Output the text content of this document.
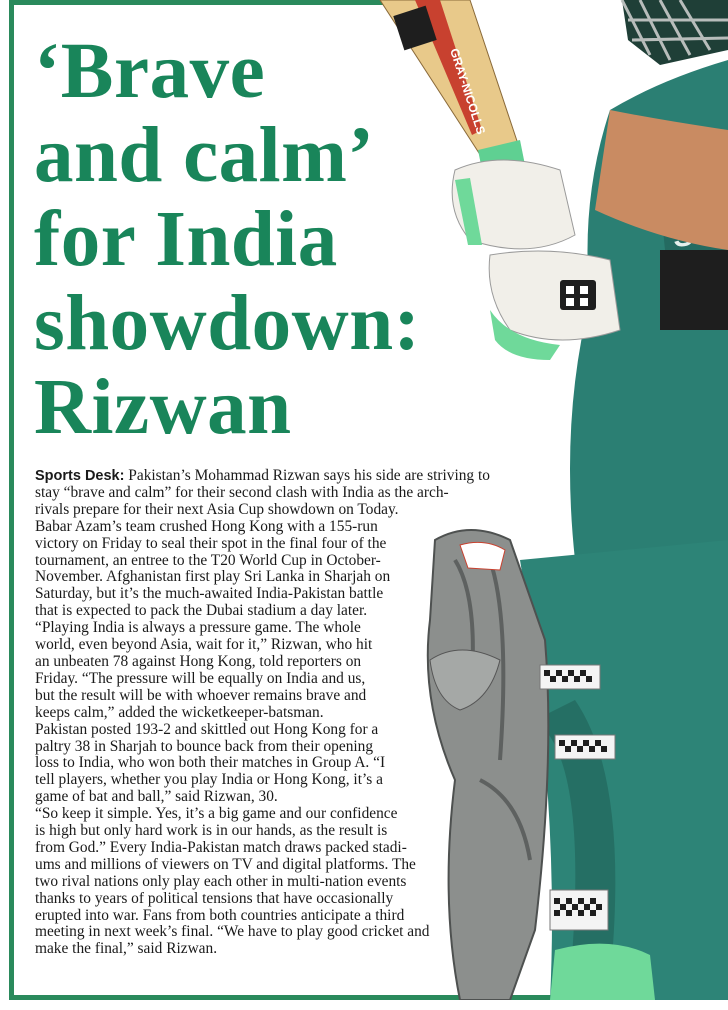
GRAY-NICOLLS
‘Brave
and calm’
for India
showdown:
Rizwan

Sports Desk: Pakistan’s Mohammad Rizwan says his side are striving to
stay “brave and calm” for their second clash with India as the arch-
rivals prepare for their next Asia Cup showdown on Today.

Babar Azam’s team crushed Hong Kong with a 155-run
victory on Friday to seal their spot in the final four of the
tournament, an entree to the T20 World Cup in October-
November. Afghanistan first play Sri Lanka in Sharjah on
Saturday, but it’s the much-awaited India-Pakistan battle
that is expected to pack the Dubai stadium a day later.

“Playing India is always a pressure game. The whole
world, even beyond Asia, wait for it,” Rizwan, who hit
an unbeaten 78 against Hong Kong, told reporters on
Friday. “The pressure will be equally on India and us,
but the result will be with whoever remains brave and
keeps calm,” added the wicketkeeper-batsman.

Pakistan posted 193-2 and skittled out Hong Kong for a
paltry 38 in Sharjah to bounce back from their opening
loss to India, who won both their matches in Group A. “I
tell players, whether you play India or Hong Kong, it’s a
game of bat and ball,” said Rizwan, 30.

“So keep it simple. Yes, it’s a big game and our confidence
is high but only hard work is in our hands, as the result is
from God.” Every India-Pakistan match draws packed stadi-
ums and millions of viewers on TV and digital platforms. The
two rival nations only play each other in multi-nation events
thanks to years of political tensions that have occasionally
erupted into war. Fans from both countries anticipate a third
meeting in next week’s final. “We have to play good cricket and
make the final,” said Rizwan.
